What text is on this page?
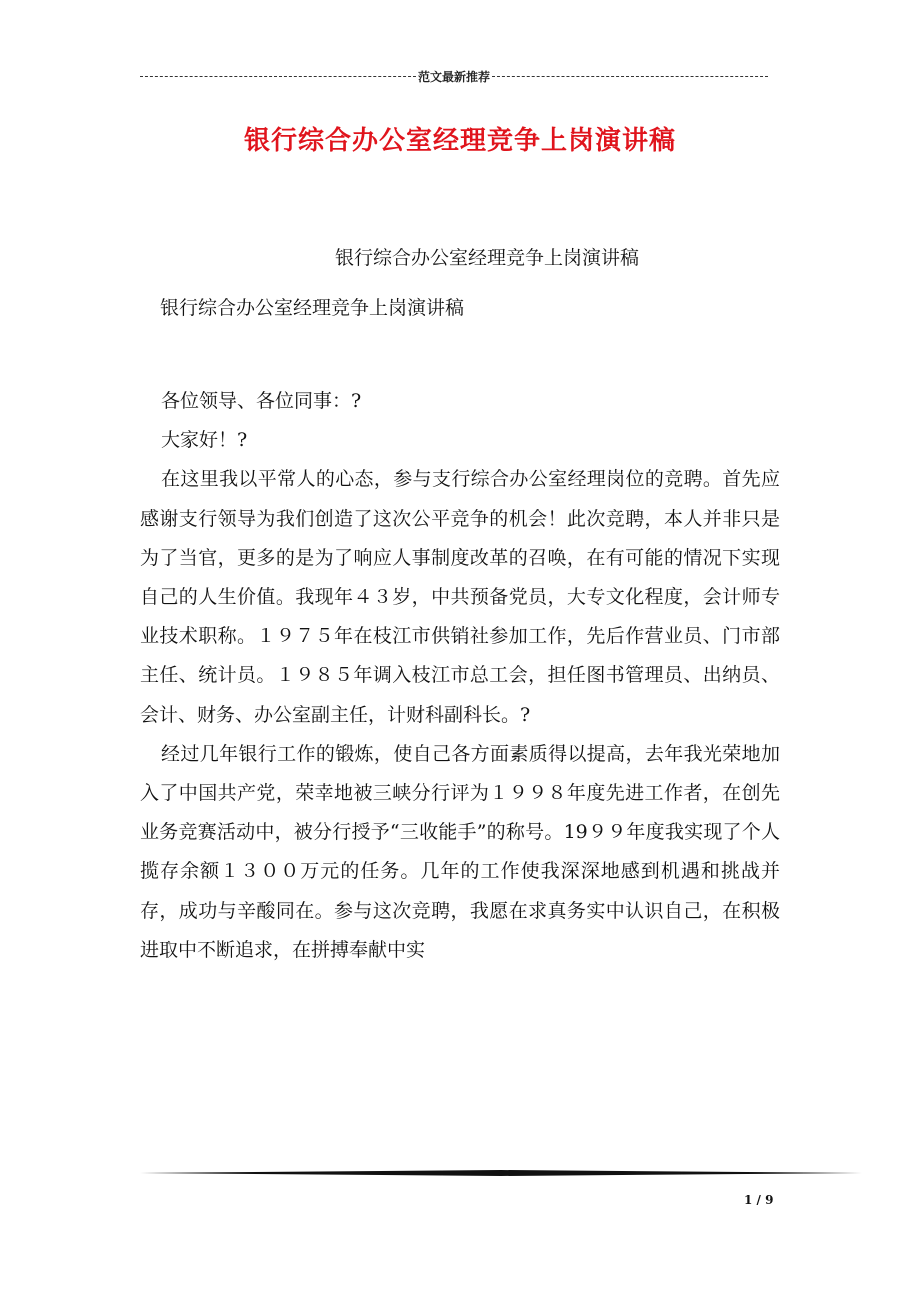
范文最新推荐
银行综合办公室经理竞争上岗演讲稿
银行综合办公室经理竞争上岗演讲稿
银行综合办公室经理竞争上岗演讲稿

各位领导、各位同事：?

大家好！?

在这里我以平常人的心态，参与支行综合办公室经理岗位的竞聘。首先应感谢支行领导为我们创造了这次公平竞争的机会！此次竞聘，本人并非只是为了当官，更多的是为了响应人事制度改革的召唤，在有可能的情况下实现自己的人生价值。我现年４３岁，中共预备党员，大专文化程度，会计师专业技术职称。１９７５年在枝江市供销社参加工作，先后作营业员、门市部主任、统计员。１９８５年调入枝江市总工会，担任图书管理员、出纳员、会计、财务、办公室副主任，计财科副科长。?

经过几年银行工作的锻炼，使自己各方面素质得以提高，去年我光荣地加入了中国共产党，荣幸地被三峡分行评为１９９８年度先进工作者，在创先业务竞赛活动中，被分行授予“三收能手”的称号。19９９年度我实现了个人揽存余额１３００万元的任务。几年的工作使我深深地感到机遇和挑战并存，成功与辛酸同在。参与这次竞聘，我愿在求真务实中认识自己，在积极进取中不断追求，在拼搏奉献中实

1 / 9
